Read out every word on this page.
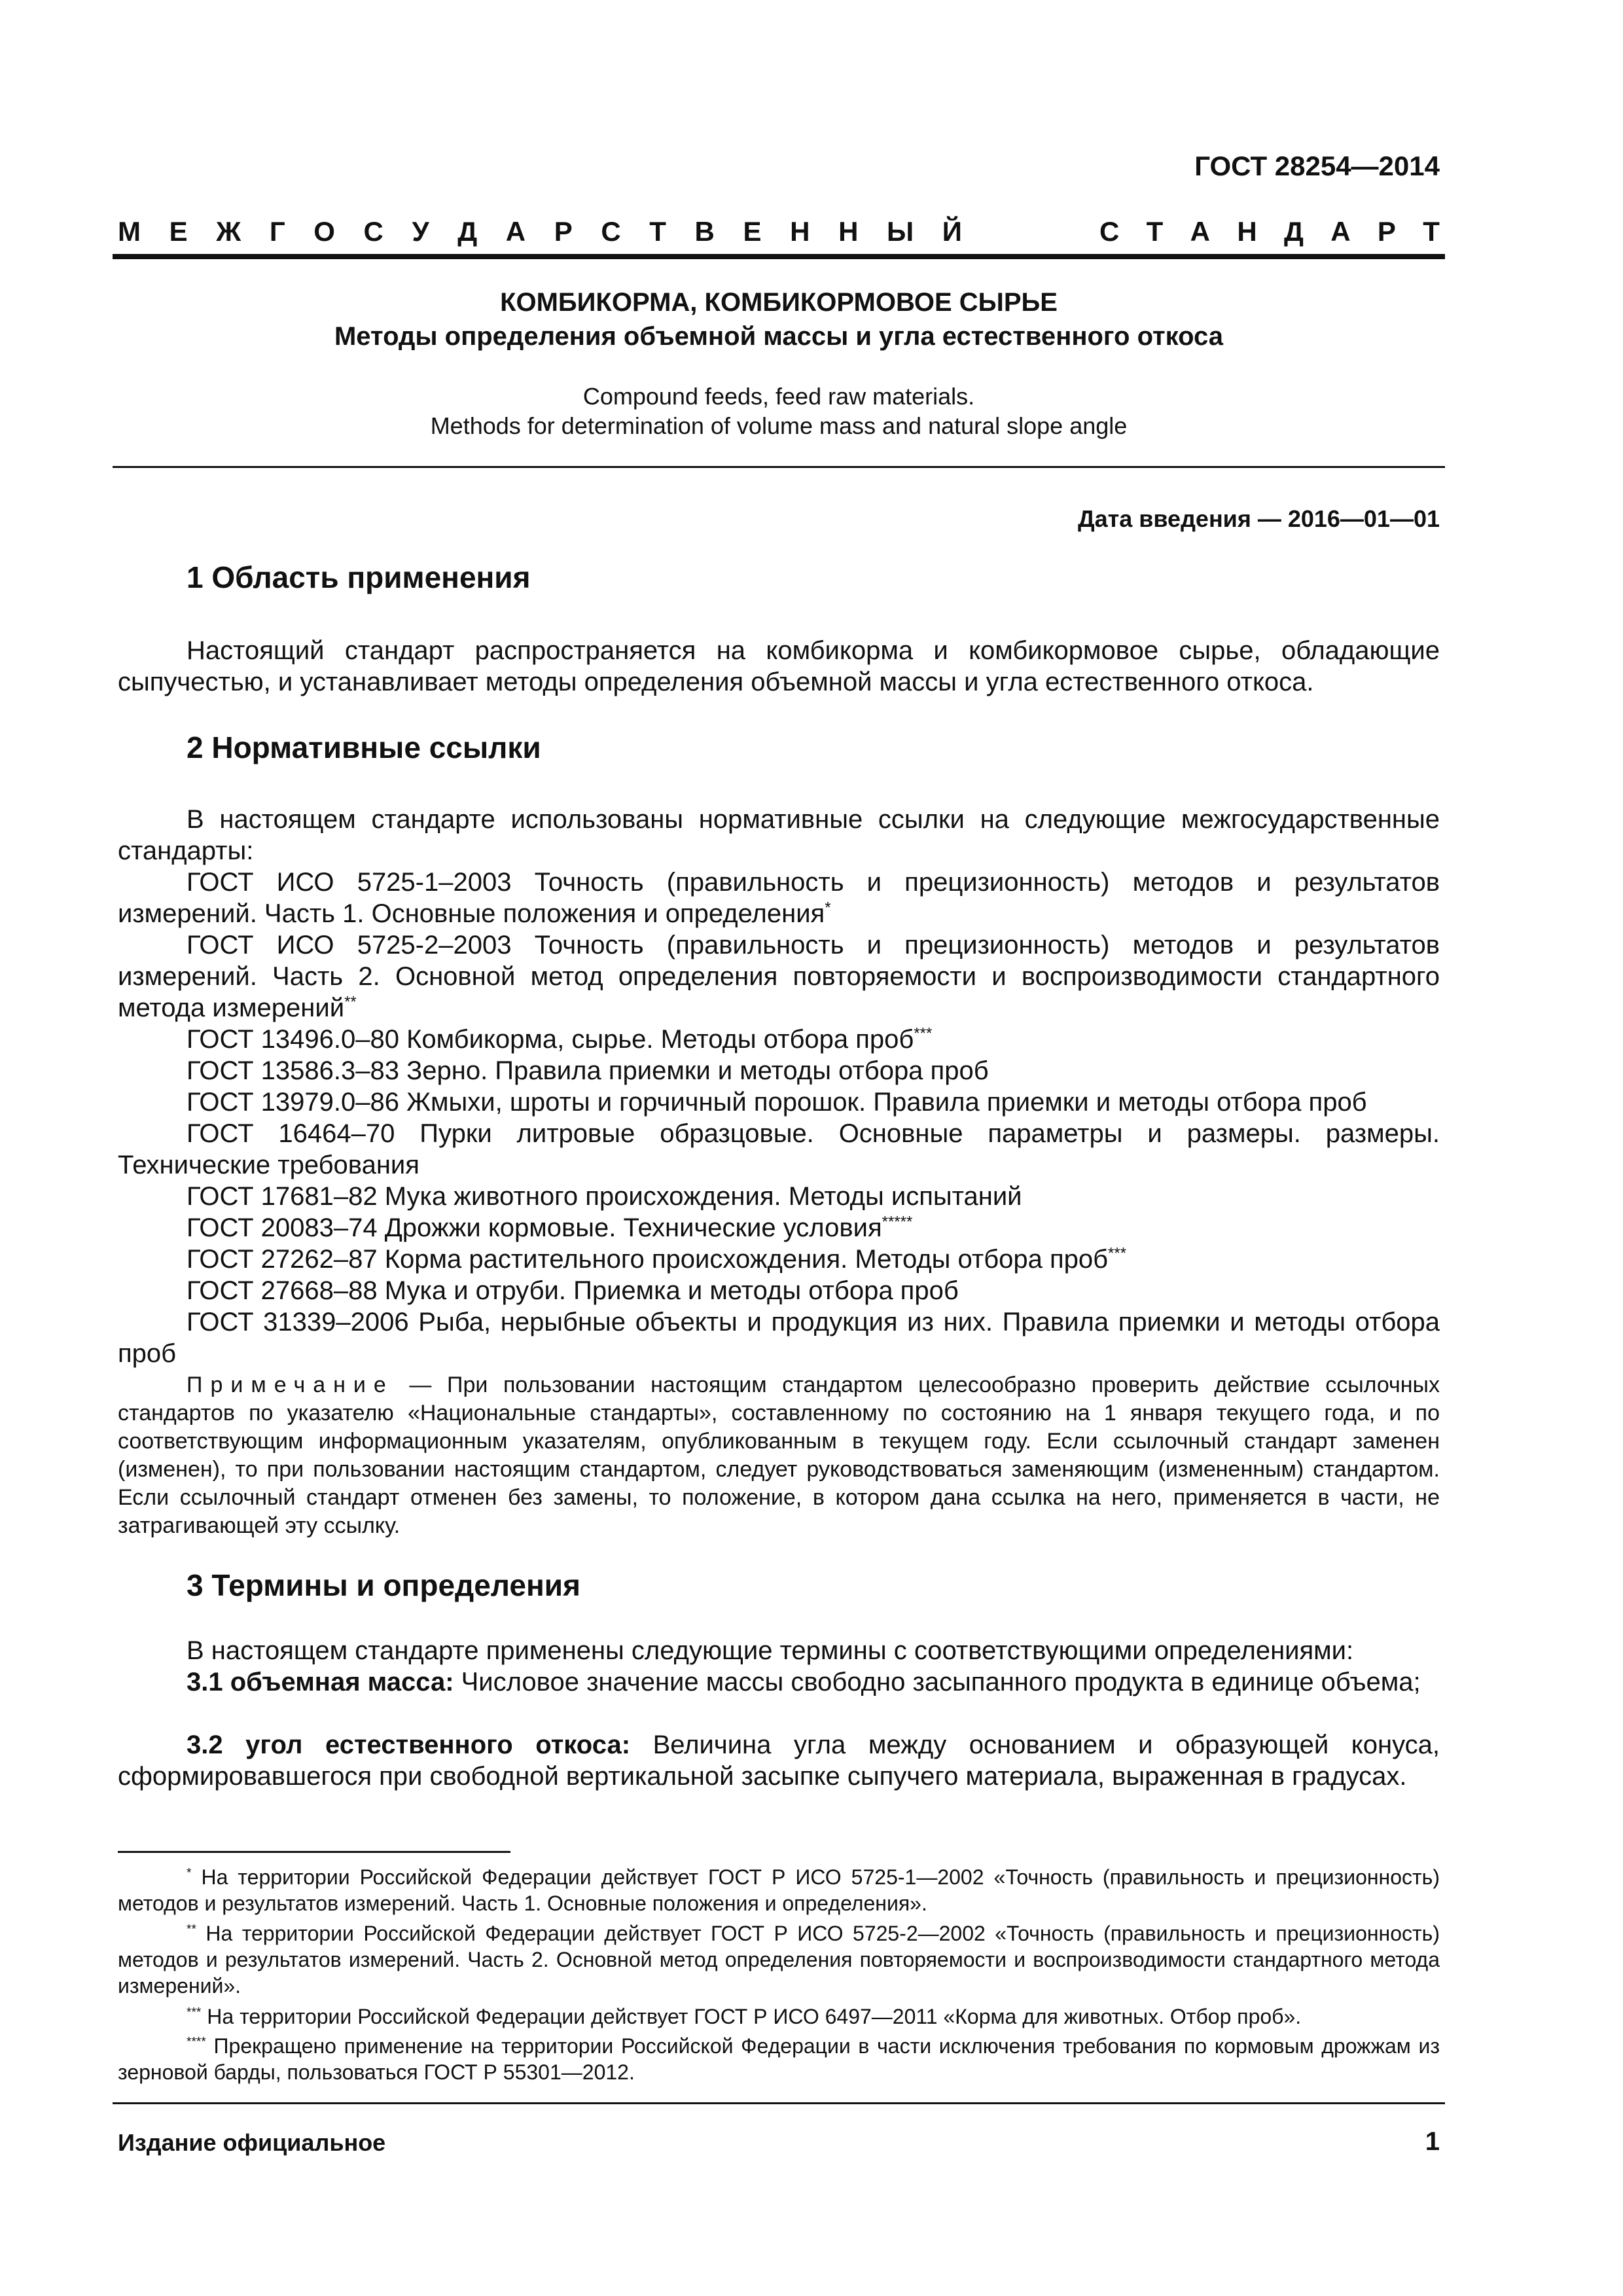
ГОСТ 28254—2014
М Е Ж Г О С У Д А Р С Т В Е Н Н Ы Й	С Т А Н Д А Р Т
КОМБИКОРМА, КОМБИКОРМОВОЕ СЫРЬЕ
Методы определения объемной массы и угла естественного откоса
Compound feeds, feed raw materials.
Methods for determination of volume mass and natural slope angle
Дата введения — 2016—01—01
1 Область применения
Настоящий стандарт распространяется на комбикорма и комбикормовое сырье, обладающие сыпучестью, и устанавливает методы определения объемной массы и угла естественного откоса.
2 Нормативные ссылки
В настоящем стандарте использованы нормативные ссылки на следующие межгосударственные стандарты:
ГОСТ ИСО 5725-1–2003 Точность (правильность и прецизионность) методов и результатов измерений. Часть 1. Основные положения и определения*
ГОСТ ИСО 5725-2–2003 Точность (правильность и прецизионность) методов и результатов измерений. Часть 2. Основной метод определения повторяемости и воспроизводимости стандартного метода измерений**
ГОСТ 13496.0–80 Комбикорма, сырье. Методы отбора проб***
ГОСТ 13586.3–83 Зерно. Правила приемки и методы отбора проб
ГОСТ 13979.0–86 Жмыхи, шроты и горчичный порошок. Правила приемки и методы отбора проб
ГОСТ 16464–70 Пурки литровые образцовые. Основные параметры и размеры. размеры. Технические требования
ГОСТ 17681–82 Мука животного происхождения. Методы испытаний
ГОСТ 20083–74 Дрожжи кормовые. Технические условия*****
ГОСТ 27262–87 Корма растительного происхождения. Методы отбора проб***
ГОСТ 27668–88 Мука и отруби. Приемка и методы отбора проб
ГОСТ 31339–2006 Рыба, нерыбные объекты и продукция из них. Правила приемки и методы отбора проб
Примечание — При пользовании настоящим стандартом целесообразно проверить действие ссылочных стандартов по указателю «Национальные стандарты», составленному по состоянию на 1 января текущего года, и по соответствующим информационным указателям, опубликованным в текущем году. Если ссылочный стандарт заменен (изменен), то при пользовании настоящим стандартом, следует руководствоваться заменяющим (измененным) стандартом. Если ссылочный стандарт отменен без замены, то положение, в котором дана ссылка на него, применяется в части, не затрагивающей эту ссылку.
3 Термины и определения
В настоящем стандарте применены следующие термины с соответствующими определениями:
3.1 объемная масса: Числовое значение массы свободно засыпанного продукта в единице объема;
3.2 угол естественного откоса: Величина угла между основанием и образующей конуса, сформировавшегося при свободной вертикальной засыпке сыпучего материала, выраженная в градусах.
* На территории Российской Федерации действует ГОСТ Р ИСО 5725-1—2002 «Точность (правильность и прецизионность) методов и результатов измерений. Часть 1. Основные положения и определения».
** На территории Российской Федерации действует ГОСТ Р ИСО 5725-2—2002 «Точность (правильность и прецизионность) методов и результатов измерений. Часть 2. Основной метод определения повторяемости и воспроизводимости стандартного метода измерений».
*** На территории Российской Федерации действует ГОСТ Р ИСО 6497—2011 «Корма для животных. Отбор проб».
**** Прекращено применение на территории Российской Федерации в части исключения требования по кормовым дрожжам из зерновой барды, пользоваться ГОСТ Р 55301—2012.
Издание официальное	1
